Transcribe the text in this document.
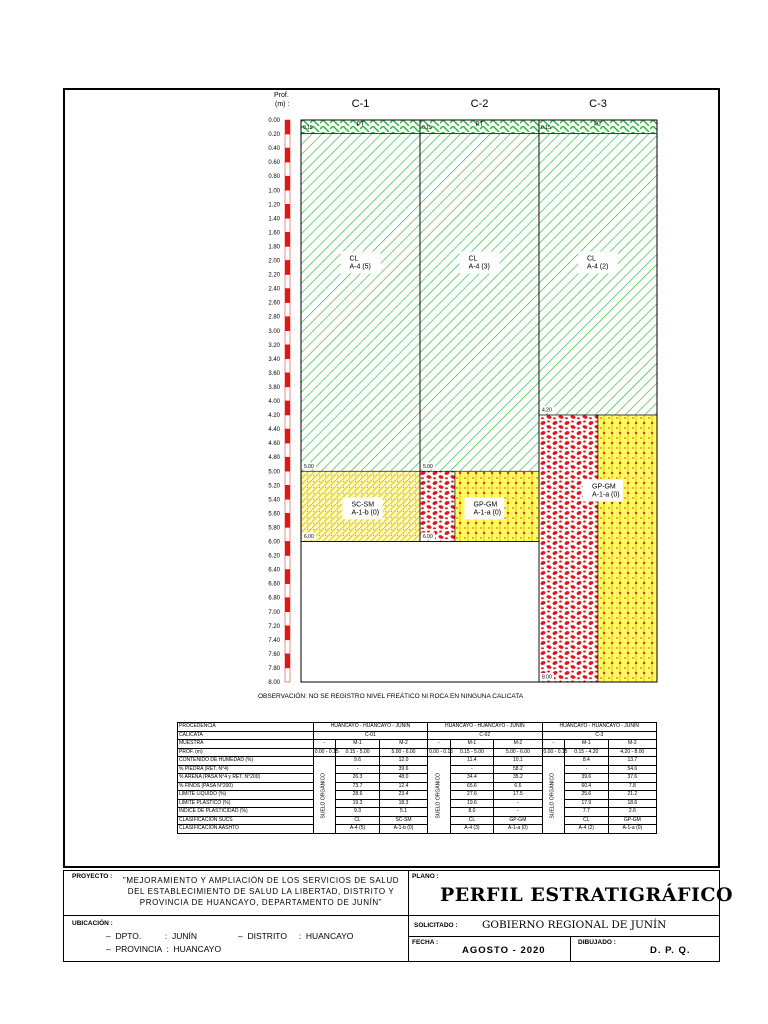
0.00
0.20
0.40
0.60
0.80
1.00
1.20
1.40
1.60
1.80
2.00
2.20
2.40
2.60
2.80
3.00
3.20
3.40
3.60
3.80
4.00
4.20
4.40
4.60
4.80
5.00
5.20
5.40
5.60
5.80
6.00
6.20
6.40
6.60
6.80
7.00
7.20
7.40
7.60
7.80
8.00
C-1
PT
0.15
CL
A-4 (5)
5.00
SC-SM
A-1-b (0)
6.00
C-2
PT
0.15
CL
A-4 (3)
5.00
GP-GM
A-1-a (0)
6.00
C-3
PT
0.15
CL
A-4 (2)
4.20
GP-GM
A-1-a (0)
8.00
Prof.
(m) :
OBSERVACIÓN: NO SE REGISTRO NIVEL FREÁTICO NI ROCA EN NINGUNA CALICATA
PROCEDENCIA	HUANCAYO - HUANCAYO - JUNÍN			HUANCAYO - HUANCAYO - JUNÍN			HUANCAYO - HUANCAYO - JUNÍN		
CALICATA	C-01			C-02			C-3		
MUESTRA	-	M-1	M-2	-	M-1	M-2	-	M-1	M-2
PROF. (m)	0.00 - 0.15	0.15 - 5.00	5.00 - 6.00	0.00 - 0.15	0.15 - 5.00	5.00 - 6.00	0.00 - 0.15	0.15 - 4.20	4.20 - 8.00
CONTENIDO DE HUMEDAD (%)	SUELO ORGÁNICO	9.6	12.0	SUELO ORGÁNICO	11.4	10.1	SUELO ORGÁNICO	8.4	13.7
% PIEDRA (RET. N°4)		-	39.6		-	58.2		-	54.6
% ARENA (PASA N°4 y RET. N°200)		26.3	48.0		34.4	35.2		39.6	37.6
% FINOS (PASA N°200)		73.7	12.4		65.6	6.6		60.4	7.8
LÍMITE LÍQUIDO (%)		28.6	23.4		27.6	17.5		25.6	21.2
LÍMITE PLÁSTICO (%)		19.3	18.3		19.6	-		17.9	18.6
ÍNDICE DE PLASTICIDAD (%)		9.3	5.1		8.0	-		7.7	2.6
CLASIFICACIÓN SUCS		CL	SC-SM		CL	GP-GM		CL	GP-GM
CLASIFICACIÓN AASHTO		A-4 (5)	A-1-b (0)		A-4 (3)	A-1-a (0)		A-4 (2)	A-1-a (0)
PROYECTO :	"MEJORAMIENTO Y AMPLIACIÓN DE LOS SERVICIOS DE SALUD
DEL ESTABLECIMIENTO DE SALUD LA LIBERTAD, DISTRITO Y
PROVINCIA DE HUANCAYO, DEPARTAMENTO DE JUNÍN"
PLANO :
PERFIL ESTRATIGRÁFICO
UBICACIÓN :
–  DPTO.          :  JUNÍN	–  DISTRITO     :  HUANCAYO
–  PROVINCIA  :  HUANCAYO
SOLICITADO : GOBIERNO REGIONAL DE JUNÍN
FECHA :
AGOSTO - 2020
DIBUJADO :
D. P. Q.
